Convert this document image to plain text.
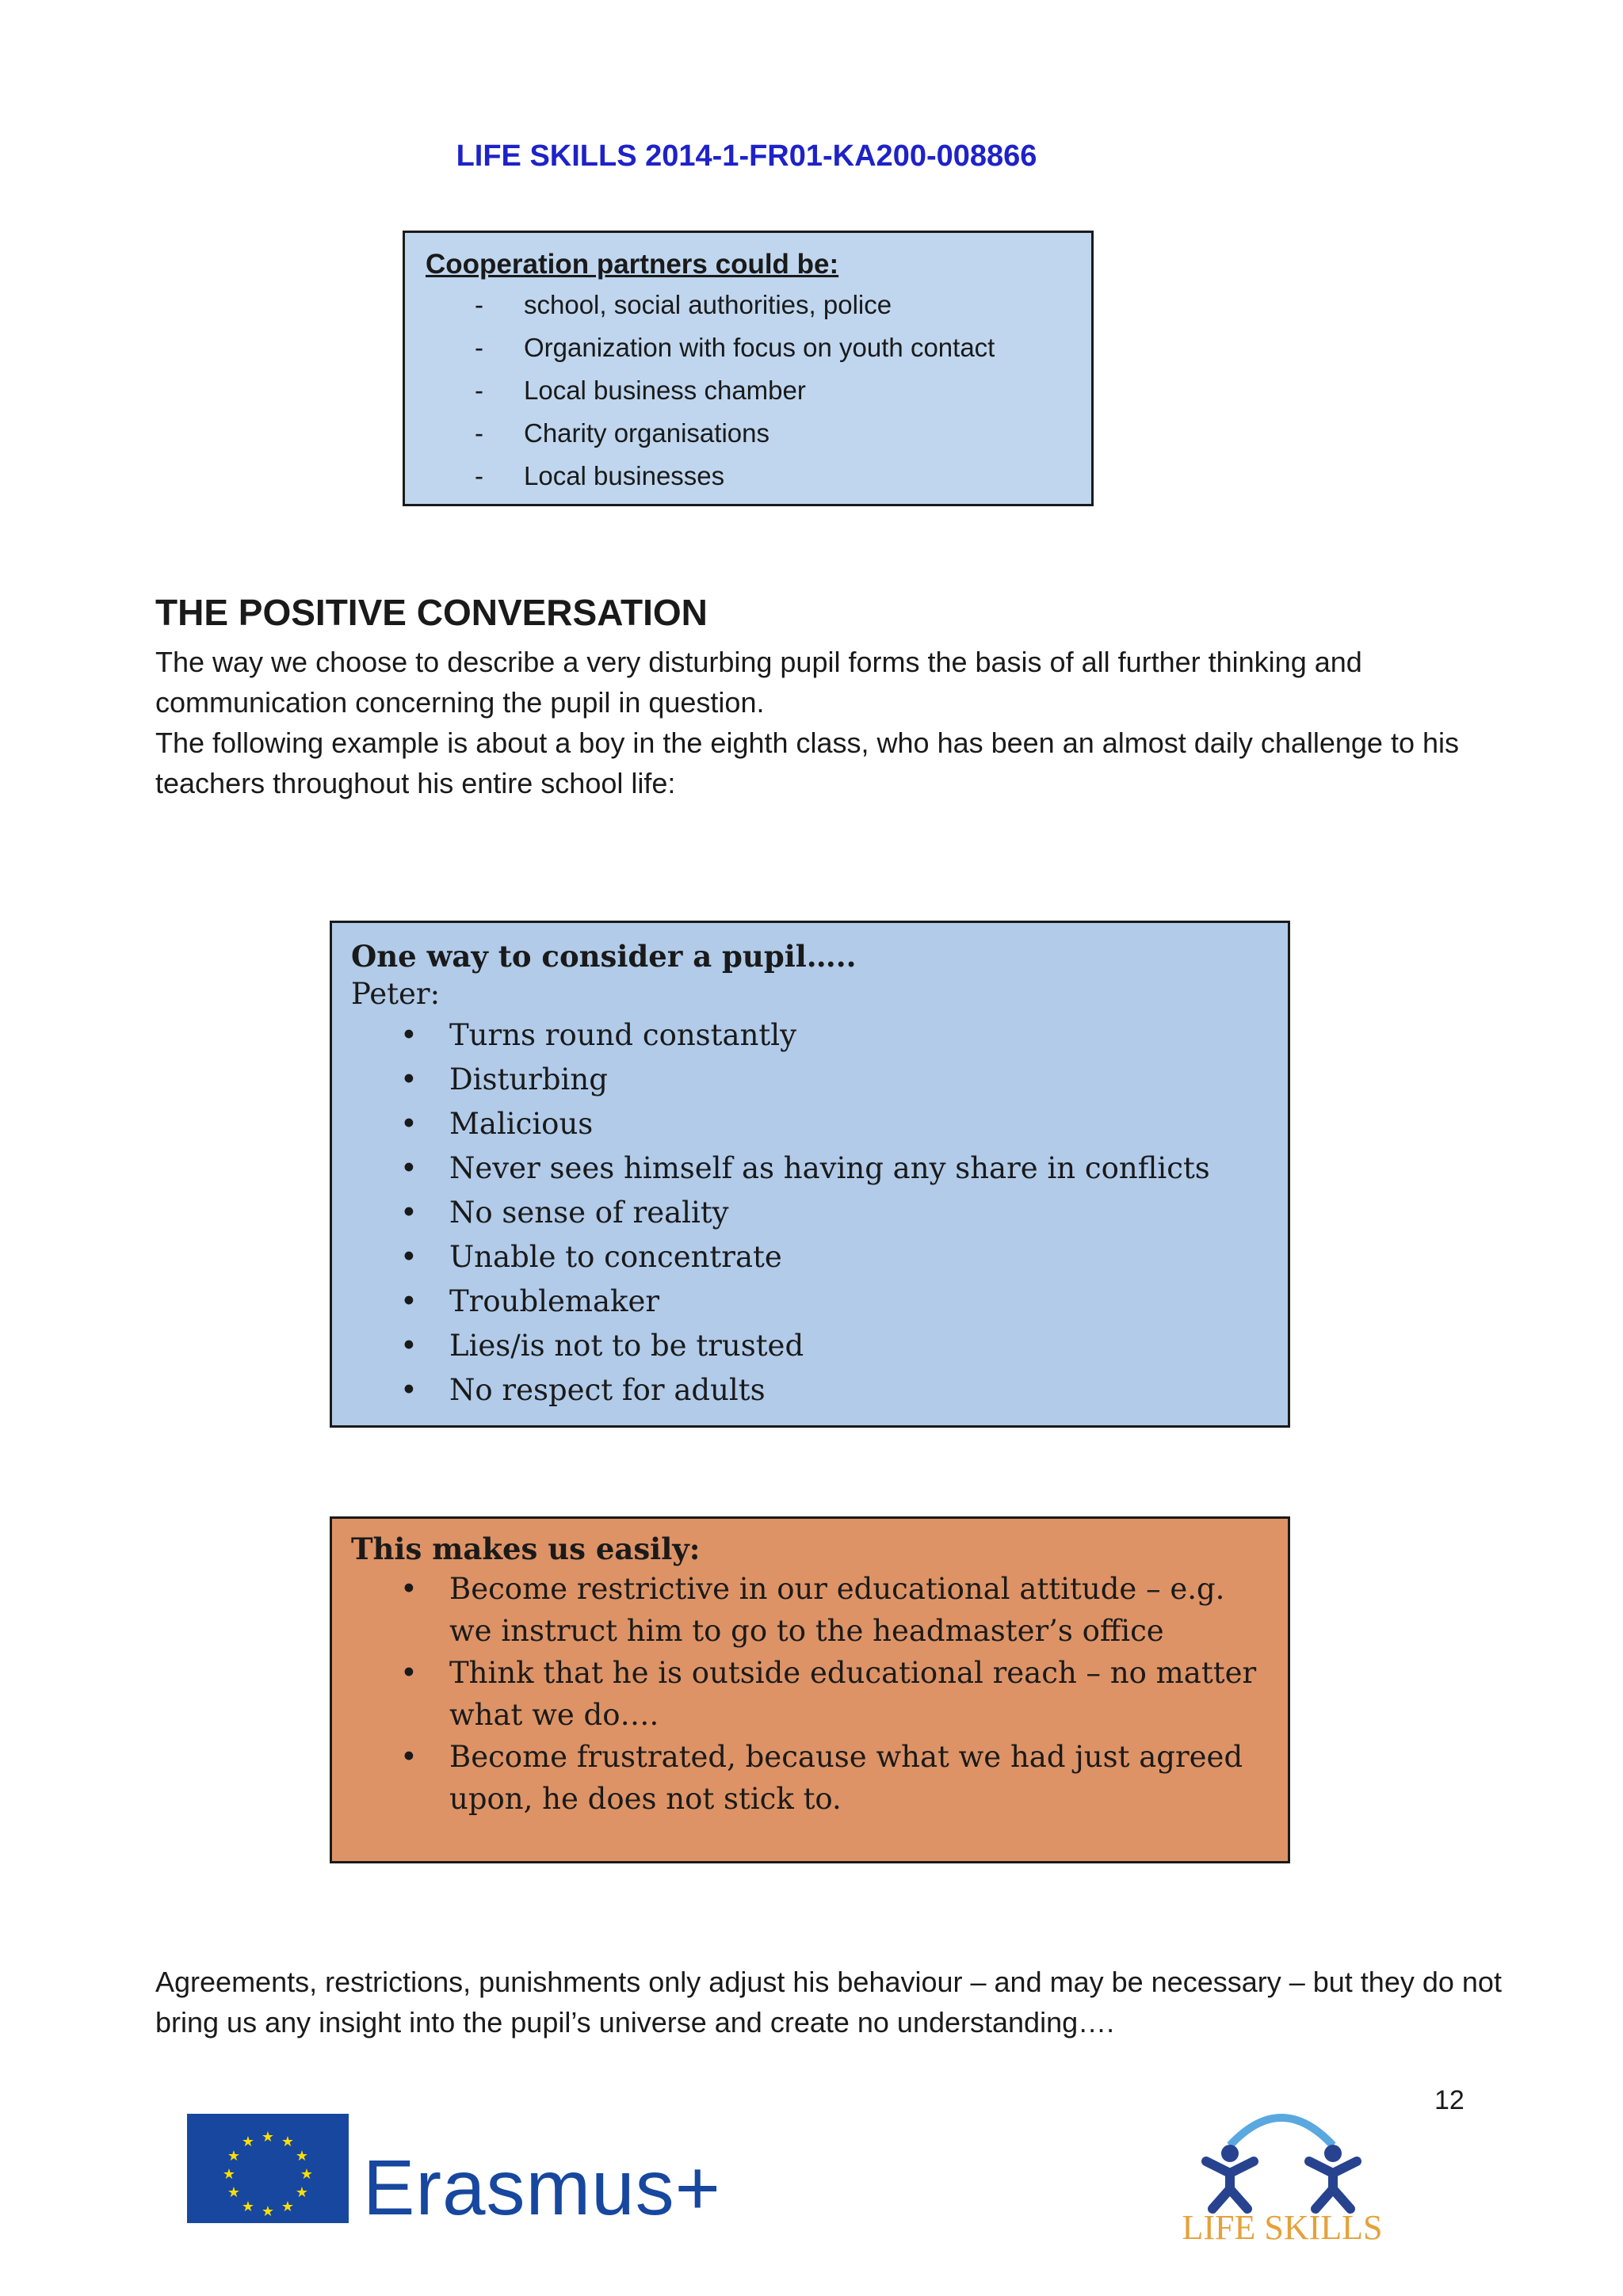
LIFE SKILLS 2014-1-FR01-KA200-008866
Cooperation partners could be:
- school, social authorities, police
- Organization with focus on youth contact
- Local business chamber
- Charity organisations
- Local businesses
THE POSITIVE CONVERSATION
The way we choose to describe a very disturbing pupil forms the basis of all further thinking and communication concerning the pupil in question.
The following example is about a boy in the eighth class, who has been an almost daily challenge to his teachers throughout his entire school life:
One way to consider a pupil…..
Peter:
• Turns round constantly
• Disturbing
• Malicious
• Never sees himself as having any share in conflicts
• No sense of reality
• Unable to concentrate
• Troublemaker
• Lies/is not to be trusted
• No respect for adults
This makes us easily:
• Become restrictive in our educational attitude – e.g. we instruct him to go to the headmaster’s office
• Think that he is outside educational reach – no matter what we do….
• Become frustrated, because what we had just agreed upon, he does not stick to.
Agreements, restrictions, punishments only adjust his behaviour – and may be necessary – but they do not bring us any insight into the pupil’s universe and create no understanding….
12
★ ★
★
★
★
★
★
★
★
★
★
★
Erasmus+	LIFE SKILLS
